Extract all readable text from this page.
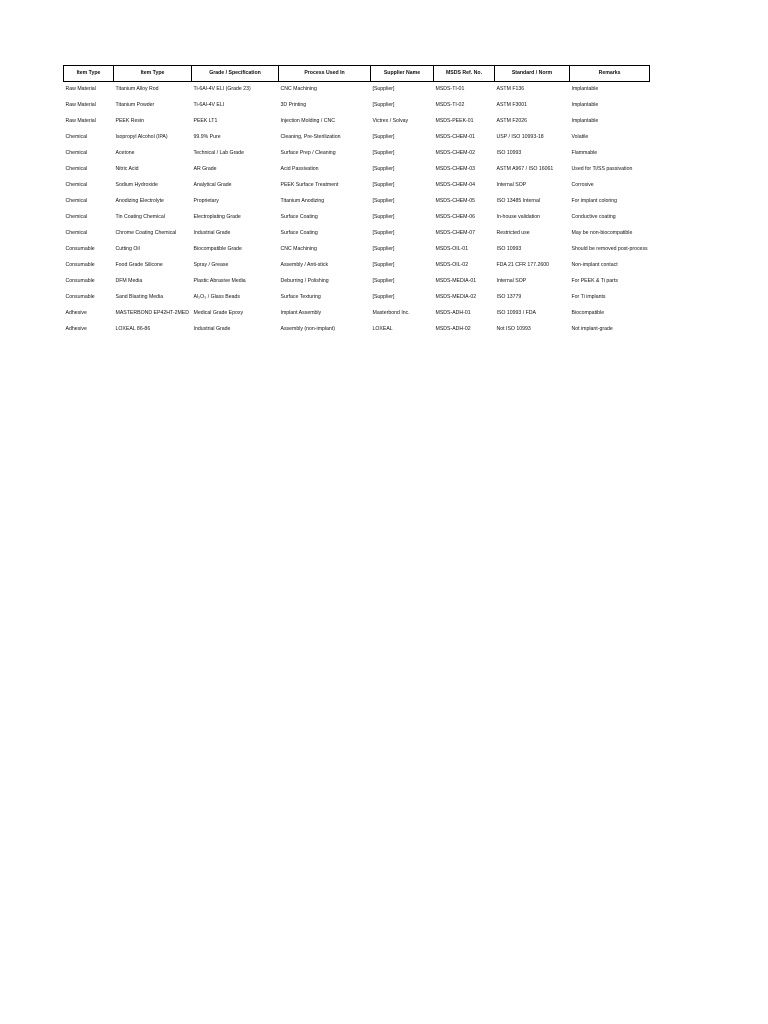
Item Type	Item Type	Grade / Specification	Process Used In	Supplier Name	MSDS Ref. No.	Standard / Norm	Remarks
Raw Material	Titanium Alloy Rod	Ti-6Al-4V ELI (Grade 23)	CNC Machining	[Supplier]	MSDS-TI-01	ASTM F136	Implantable
Raw Material	Titanium Powder	Ti-6Al-4V ELI	3D Printing	[Supplier]	MSDS-TI-02	ASTM F3001	Implantable
Raw Material	PEEK Resin	PEEK LT1	Injection Molding / CNC	Victrex / Solvay	MSDS-PEEK-01	ASTM F2026	Implantable
Chemical	Isopropyl Alcohol (IPA)	99.9% Pure	Cleaning, Pre-Sterilization	[Supplier]	MSDS-CHEM-01	USP / ISO 10993-18	Volatile
Chemical	Acetone	Technical / Lab Grade	Surface Prep / Cleaning	[Supplier]	MSDS-CHEM-02	ISO 10993	Flammable
Chemical	Nitric Acid	AR Grade	Acid Passivation	[Supplier]	MSDS-CHEM-03	ASTM A967 / ISO 16061	Used for Ti/SS passivation
Chemical	Sodium Hydroxide	Analytical Grade	PEEK Surface Treatment	[Supplier]	MSDS-CHEM-04	Internal SOP	Corrosive
Chemical	Anodizing Electrolyte	Proprietary	Titanium Anodizing	[Supplier]	MSDS-CHEM-05	ISO 13485 Internal	For implant coloring
Chemical	Tin Coating Chemical	Electroplating Grade	Surface Coating	[Supplier]	MSDS-CHEM-06	In-house validation	Conductive coating
Chemical	Chrome Coating Chemical	Industrial Grade	Surface Coating	[Supplier]	MSDS-CHEM-07	Restricted use	May be non-biocompatible
Consumable	Cutting Oil	Biocompatible Grade	CNC Machining	[Supplier]	MSDS-OIL-01	ISO 10993	Should be removed post-process
Consumable	Food Grade Silicone	Spray / Grease	Assembly / Anti-stick	[Supplier]	MSDS-OIL-02	FDA 21 CFR 177.2600	Non-implant contact
Consumable	DFM Media	Plastic Abrasive Media	Deburring / Polishing	[Supplier]	MSDS-MEDIA-01	Internal SOP	For PEEK & Ti parts
Consumable	Sand Blasting Media	Al₂O₃ / Glass Beads	Surface Texturing	[Supplier]	MSDS-MEDIA-02	ISO 13779	For Ti implants
Adhesive	MASTERBOND EP42HT-2MED	Medical Grade Epoxy	Implant Assembly	Masterbond Inc.	MSDS-ADH-01	ISO 10993 / FDA	Biocompatible
Adhesive	LOXEAL 86-86	Industrial Grade	Assembly (non-implant)	LOXEAL	MSDS-ADH-02	Not ISO 10993	Not implant-grade
